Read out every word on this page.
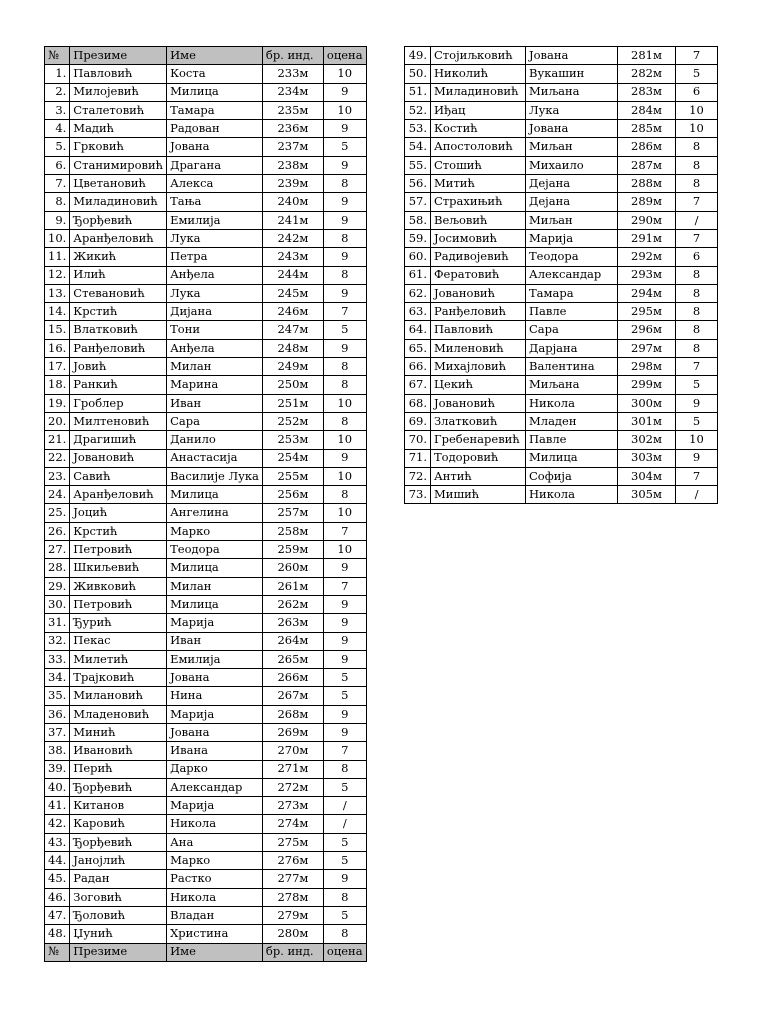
№	Презиме	Име	бр. инд.	оцена
1.	Павловић	Коста	233м	10
2.	Милојевић	Милица	234м	9
3.	Сталетовић	Тамара	235м	10
4.	Мадић	Радован	236м	9
5.	Грковић	Јована	237м	5
6.	Станимировић	Драгана	238м	9
7.	Цветановић	Алекса	239м	8
8.	Миладиновић	Тања	240м	9
9.	Ђорђевић	Емилија	241м	9
10.	Аранђеловић	Лука	242м	8
11.	Жикић	Петра	243м	9
12.	Илић	Анђела	244м	8
13.	Стевановић	Лука	245м	9
14.	Крстић	Дијана	246м	7
15.	Влатковић	Тони	247м	5
16.	Ранђеловић	Анђела	248м	9
17.	Јовић	Милан	249м	8
18.	Ранкић	Марина	250м	8
19.	Гроблер	Иван	251м	10
20.	Милтеновић	Сара	252м	8
21.	Драгишић	Данило	253м	10
22.	Јовановић	Анастасија	254м	9
23.	Савић	Василије Лука	255м	10
24.	Аранђеловић	Милица	256м	8
25.	Јоцић	Ангелина	257м	10
26.	Крстић	Марко	258м	7
27.	Петровић	Теодора	259м	10
28.	Шкиљевић	Милица	260м	9
29.	Живковић	Милан	261м	7
30.	Петровић	Милица	262м	9
31.	Ђурић	Марија	263м	9
32.	Пекас	Иван	264м	9
33.	Милетић	Емилија	265м	9
34.	Трајковић	Јована	266м	5
35.	Милановић	Нина	267м	5
36.	Младеновић	Марија	268м	9
37.	Минић	Јована	269м	9
38.	Ивановић	Ивана	270м	7
39.	Перић	Дарко	271м	8
40.	Ђорђевић	Александар	272м	5
41.	Китанов	Марија	273м	/
42.	Каровић	Никола	274м	/
43.	Ђорђевић	Ана	275м	5
44.	Јанојлић	Марко	276м	5
45.	Радан	Растко	277м	9
46.	Зоговић	Никола	278м	8
47.	Ђоловић	Владан	279м	5
48.	Џунић	Христина	280м	8
№	Презиме	Име	бр. инд.	оцена
49.	Стојиљковић	Јована	281м	7
50.	Николић	Вукашин	282м	5
51.	Миладиновић	Миљана	283м	6
52.	Иђац	Лука	284м	10
53.	Костић	Јована	285м	10
54.	Апостоловић	Миљан	286м	8
55.	Стошић	Михаило	287м	8
56.	Митић	Дејана	288м	8
57.	Страхињић	Дејана	289м	7
58.	Вељовић	Миљан	290м	/
59.	Јосимовић	Марија	291м	7
60.	Радивојевић	Теодора	292м	6
61.	Фератовић	Александар	293м	8
62.	Јовановић	Тамара	294м	8
63.	Ранђеловић	Павле	295м	8
64.	Павловић	Сара	296м	8
65.	Миленовић	Дарјана	297м	8
66.	Михајловић	Валентина	298м	7
67.	Цекић	Миљана	299м	5
68.	Јовановић	Никола	300м	9
69.	Златковић	Младен	301м	5
70.	Гребенаревић	Павле	302м	10
71.	Тодоровић	Милица	303м	9
72.	Антић	Софија	304м	7
73.	Мишић	Никола	305м	/
